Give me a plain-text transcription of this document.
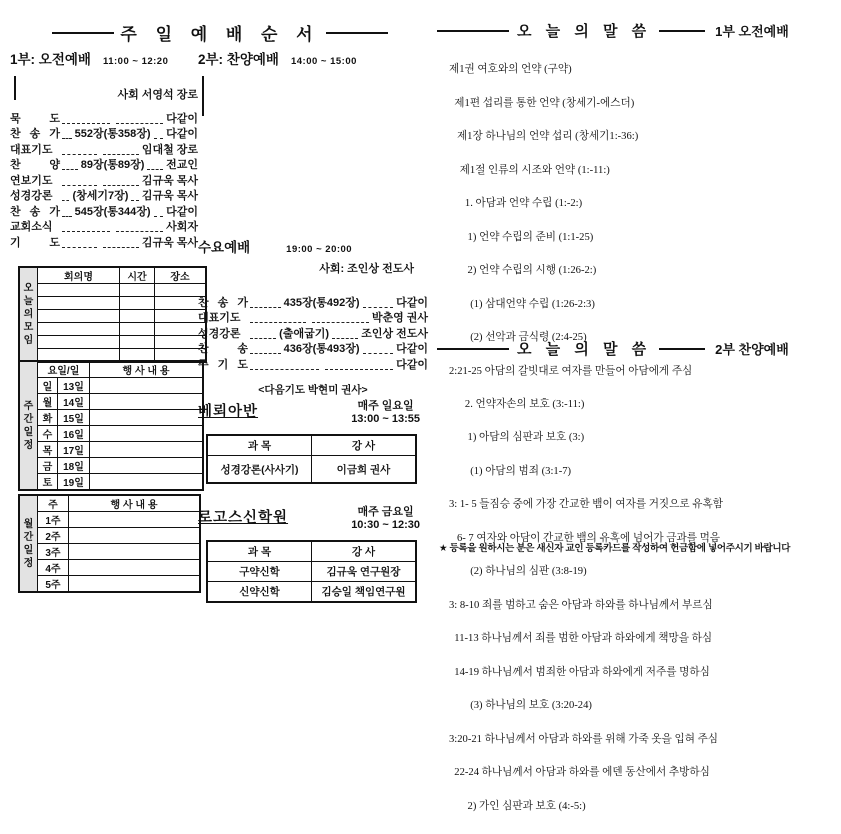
주 일 예 배 순 서
1부: 오전예배 11:00 ~ 12:20
사회 서영석 장로
묵 도	다같이
찬 송 가 552장(통358장) 다같이
대표기도	임대철 장로
찬 양 89장(통89장) 전교인
연보기도	김규욱 목사
성경강론	(창세기7장) 김규욱 목사
찬 송 가 545장(통344장) 다같이
교회소식	사회자
기 도	김규욱 목사
오늘의모임	회의명	시간	장소

주간일정	요일/일		행 사 내 용
	일	13일	
	월	14일	
	화	15일	
	수	16일	
	목	17일	
	금	18일	
	토	19일	
월간일정	주	행 사 내 용
	1주	
	2주	
	3주	
	4주	
	5주	
2부: 찬양예배 14:00 ~ 15:00
수요예배	19:00 ~ 20:00
사회: 조인상 전도사
찬 송 가	435장(통492장)	다같이
대표기도	박춘영 권사
성경강론	(출애굽기)	조인상 전도사
찬 송	436장(통493장)	다같이
주 기 도	다같이
<다음기도 박현미 권사>
베뢰아반	매주 일요일
13:00 ~ 13:55
과 목	강 사
성경강론(사사기)	이금희 권사
로고스신학원	매주 금요일
10:30 ~ 12:30
과 목	강 사
구약신학	김규욱 연구원장
신약신학	김승일 책임연구원
오 늘 의 말 씀	1부 오전예배

제1권 여호와의 언약 (구약)

제1편 섭리를 통한 언약 (창세기-에스더)

제1장 하나님의 언약 섭리 (창세기1:-36:)

제1절 인류의 시조와 언약 (1:-11:)

1. 아담과 언약 수립 (1:-2:)

1) 언약 수립의 준비 (1:1-25)

2) 언약 수립의 시행 (1:26-2:)

(1) 삼대언약 수립 (1:26-2:3)

(2) 선악과 금식령 (2:4-25)

2:21-25 아담의 갈빗대로 여자를 만들어 아담에게 주심

2. 언약자손의 보호 (3:-11:)

1) 아담의 심판과 보호 (3:)

(1) 아담의 범죄 (3:1-7)

3: 1- 5 들짐승 중에 가장 간교한 뱀이 여자를 거짓으로 유혹함

6- 7 여자와 아담이 간교한 뱀의 유혹에 넘어가 금과를 먹음

(2) 하나님의 심판 (3:8-19)

3: 8-10 죄를 범하고 숨은 아담과 하와를 하나님께서 부르심

11-13 하나님께서 죄를 범한 아담과 하와에게 책망을 하심

14-19 하나님께서 범죄한 아담과 하와에게 저주를 명하심

(3) 하나님의 보호 (3:20-24)

3:20-21 하나님께서 아담과 하와를 위해 가죽 옷을 입혀 주심

22-24 하나님께서 아담과 하와를 에덴 동산에서 추방하심

2) 가인 심판과 보호 (4:-5:)

오 늘 의 말 씀	2부 찬양예배
★ 등록을 원하시는 분은 새신자 교인 등록카드를 작성하여 헌금함에 넣어주시기 바랍니다
